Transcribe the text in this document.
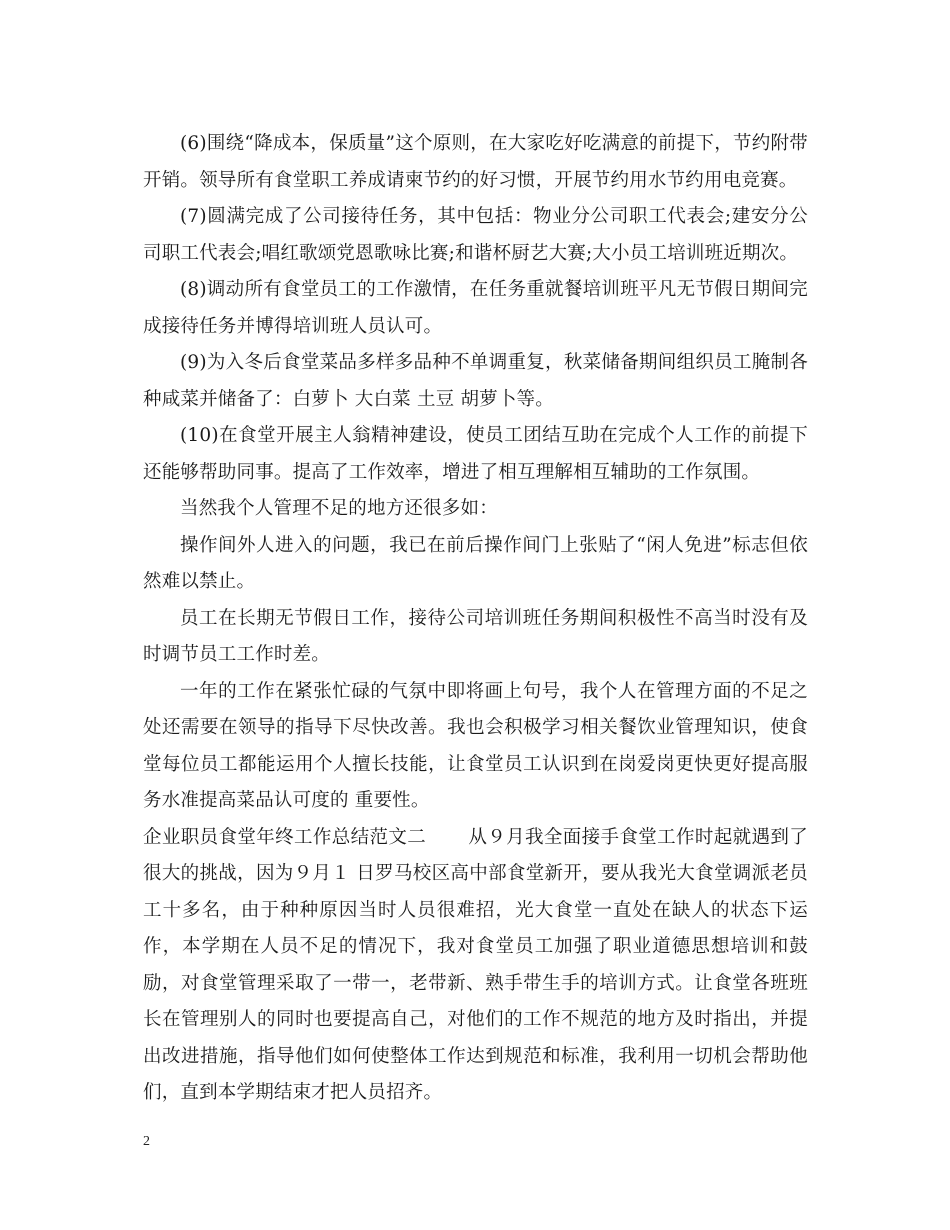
(6)围绕“降成本，保质量”这个原则，在大家吃好吃满意的前提下，节约附带开销。领导所有食堂职工养成请柬节约的好习惯，开展节约用水节约用电竞赛。

(7)圆满完成了公司接待任务，其中包括：物业分公司职工代表会;建安分公司职工代表会;唱红歌颂党恩歌咏比赛;和谐杯厨艺大赛;大小员工培训班近期次。

(8)调动所有食堂员工的工作激情，在任务重就餐培训班平凡无节假日期间完成接待任务并博得培训班人员认可。

(9)为入冬后食堂菜品多样多品种不单调重复，秋菜储备期间组织员工腌制各种咸菜并储备了：白萝卜 大白菜 土豆 胡萝卜等。

(10)在食堂开展主人翁精神建设，使员工团结互助在完成个人工作的前提下还能够帮助同事。提高了工作效率，增进了相互理解相互辅助的工作氛围。

当然我个人管理不足的地方还很多如：

操作间外人进入的问题，我已在前后操作间门上张贴了“闲人免进”标志但依然难以禁止。

员工在长期无节假日工作，接待公司培训班任务期间积极性不高当时没有及时调节员工工作时差。

一年的工作在紧张忙碌的气氛中即将画上句号，我个人在管理方面的不足之处还需要在领导的指导下尽快改善。我也会积极学习相关餐饮业管理知识，使食堂每位员工都能运用个人擅长技能，让食堂员工认识到在岗爱岗更快更好提高服务水准提高菜品认可度的 重要性。

企业职员食堂年终工作总结范文二 从９月我全面接手食堂工作时起就遇到了很大的挑战，因为９月１ 日罗马校区高中部食堂新开，要从我光大食堂调派老员工十多名，由于种种原因当时人员很难招，光大食堂一直处在缺人的状态下运作，本学期在人员不足的情况下，我对食堂员工加强了职业道德思想培训和鼓励，对食堂管理采取了一带一，老带新、熟手带生手的培训方式。让食堂各班班长在管理别人的同时也要提高自己，对他们的工作不规范的地方及时指出，并提出改进措施，指导他们如何使整体工作达到规范和标准，我利用一切机会帮助他们，直到本学期结束才把人员招齐。

2
